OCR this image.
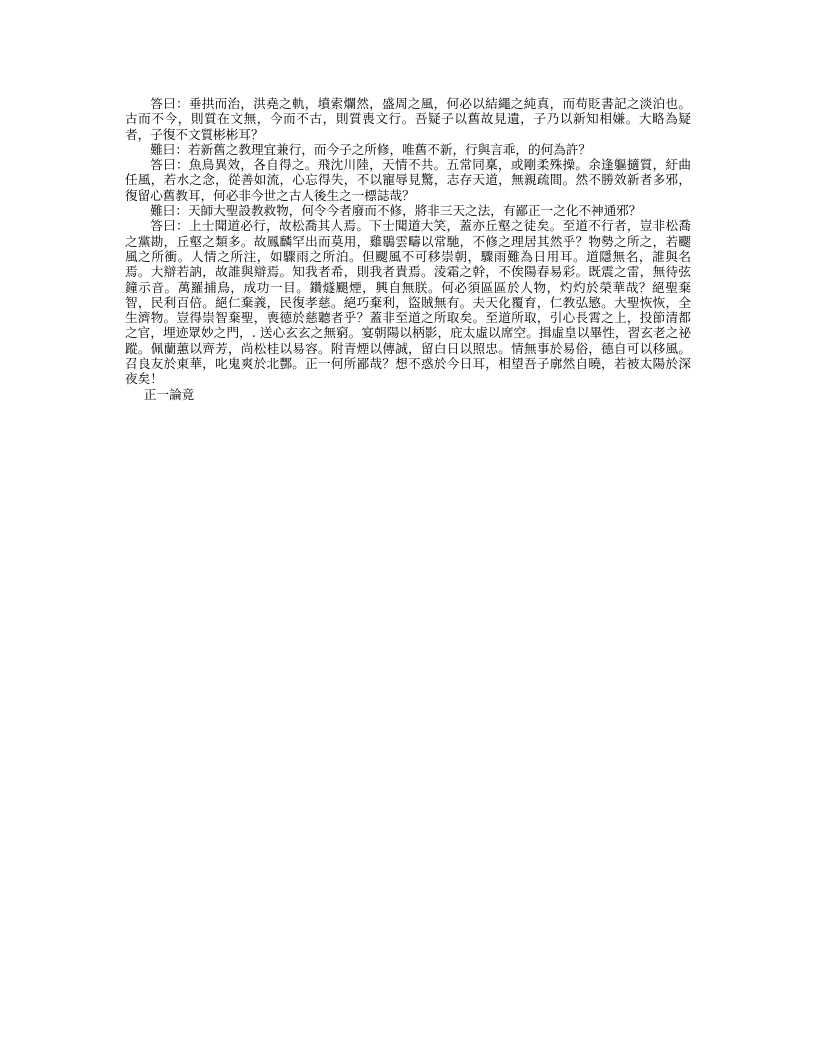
答曰：垂拱而治，洪堯之軌，墳索爛然，盛周之風，何必以結繩之純真，而苟貶書記之淡泊也。古而不今，則質在文無，今而不古，則質喪文行。吾疑子以舊故見遺，子乃以新知相嫌。大略為疑者，子復不文質彬彬耳？

難曰：若新舊之教理宜兼行，而今子之所修，唯舊不新，行與言乖，的何為許？

答曰：魚鳥異效，各自得之。飛沈川陸，天情不共。五常同稟，或剛柔殊操。余逢軀擿質，紆曲任風，若水之念，從善如流，心忘得失，不以寵辱見驚，志存天道，無親疏間。然不勝效新者多邪，復留心舊教耳，何必非今世之古人後生之一標誌哉？

難曰：天師大聖設教救物，何令今者廢而不修，將非三天之法，有鄙正一之化不神通邪？

答曰：上士聞道必行，故松喬其人焉。下士聞道大笑，蓋亦丘壑之徒矣。至道不行者，豈非松喬之黨勘，丘壑之類多。故鳳麟罕出而莫用，雞鶡雲疇以常馳，不修之理居其然乎？物勢之所之，若颸風之所衝。人情之所注，如驟雨之所泊。但颸風不可移崇朝，驟雨難為日用耳。道隱無名，誰與名焉。大辯若訥，故誰與辯焉。知我者希，則我者貴焉。淩霜之幹，不俟陽春易彩。既震之雷，無待弦鐘示音。萬羅捕鳥，成功一目。鑽燧颶煙，興自無朕。何必須區區於人物，灼灼於榮華哉？絕聖棄智，民利百倍。絕仁棄義，民復孝慈。絕巧棄利，盜賊無有。夫天化覆育，仁教弘慜。大聖恢恢，全生濟物。豈得崇智棄聖，喪德於慈聽者乎？蓋非至道之所取矣。至道所取，引心長霄之上，投節清都之官，埋迹眾妙之門，. 送心玄玄之無窮。宴朝陽以柄影，庇太虛以席空。揖虛皇以畢性，習玄老之祕蹤。佩蘭蕙以齊芳，尚松桂以易容。附青煙以傳誠，留白日以照忠。情無事於易俗，德自可以移風。召良友於東華，叱鬼爽於北酆。正一何所鄙哉？想不惑於今日耳，相望吾子廓然自曉，若被太陽於深夜矣！

正一論竟
